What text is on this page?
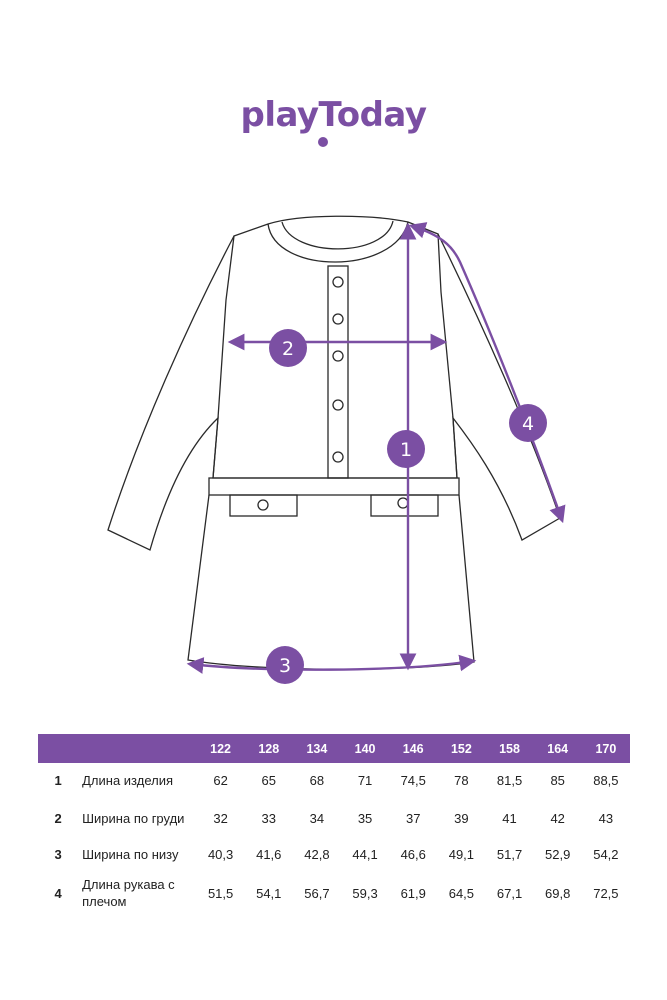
playToday
1
2
3
4
		122	128	134	140	146	152	158	164	170
1	Длина изделия	62	65	68	71	74,5	78	81,5	85	88,5
2	Ширина по груди	32	33	34	35	37	39	41	42	43
3	Ширина по низу	40,3	41,6	42,8	44,1	46,6	49,1	51,7	52,9	54,2
4	Длина рукава с плечом	51,5	54,1	56,7	59,3	61,9	64,5	67,1	69,8	72,5
